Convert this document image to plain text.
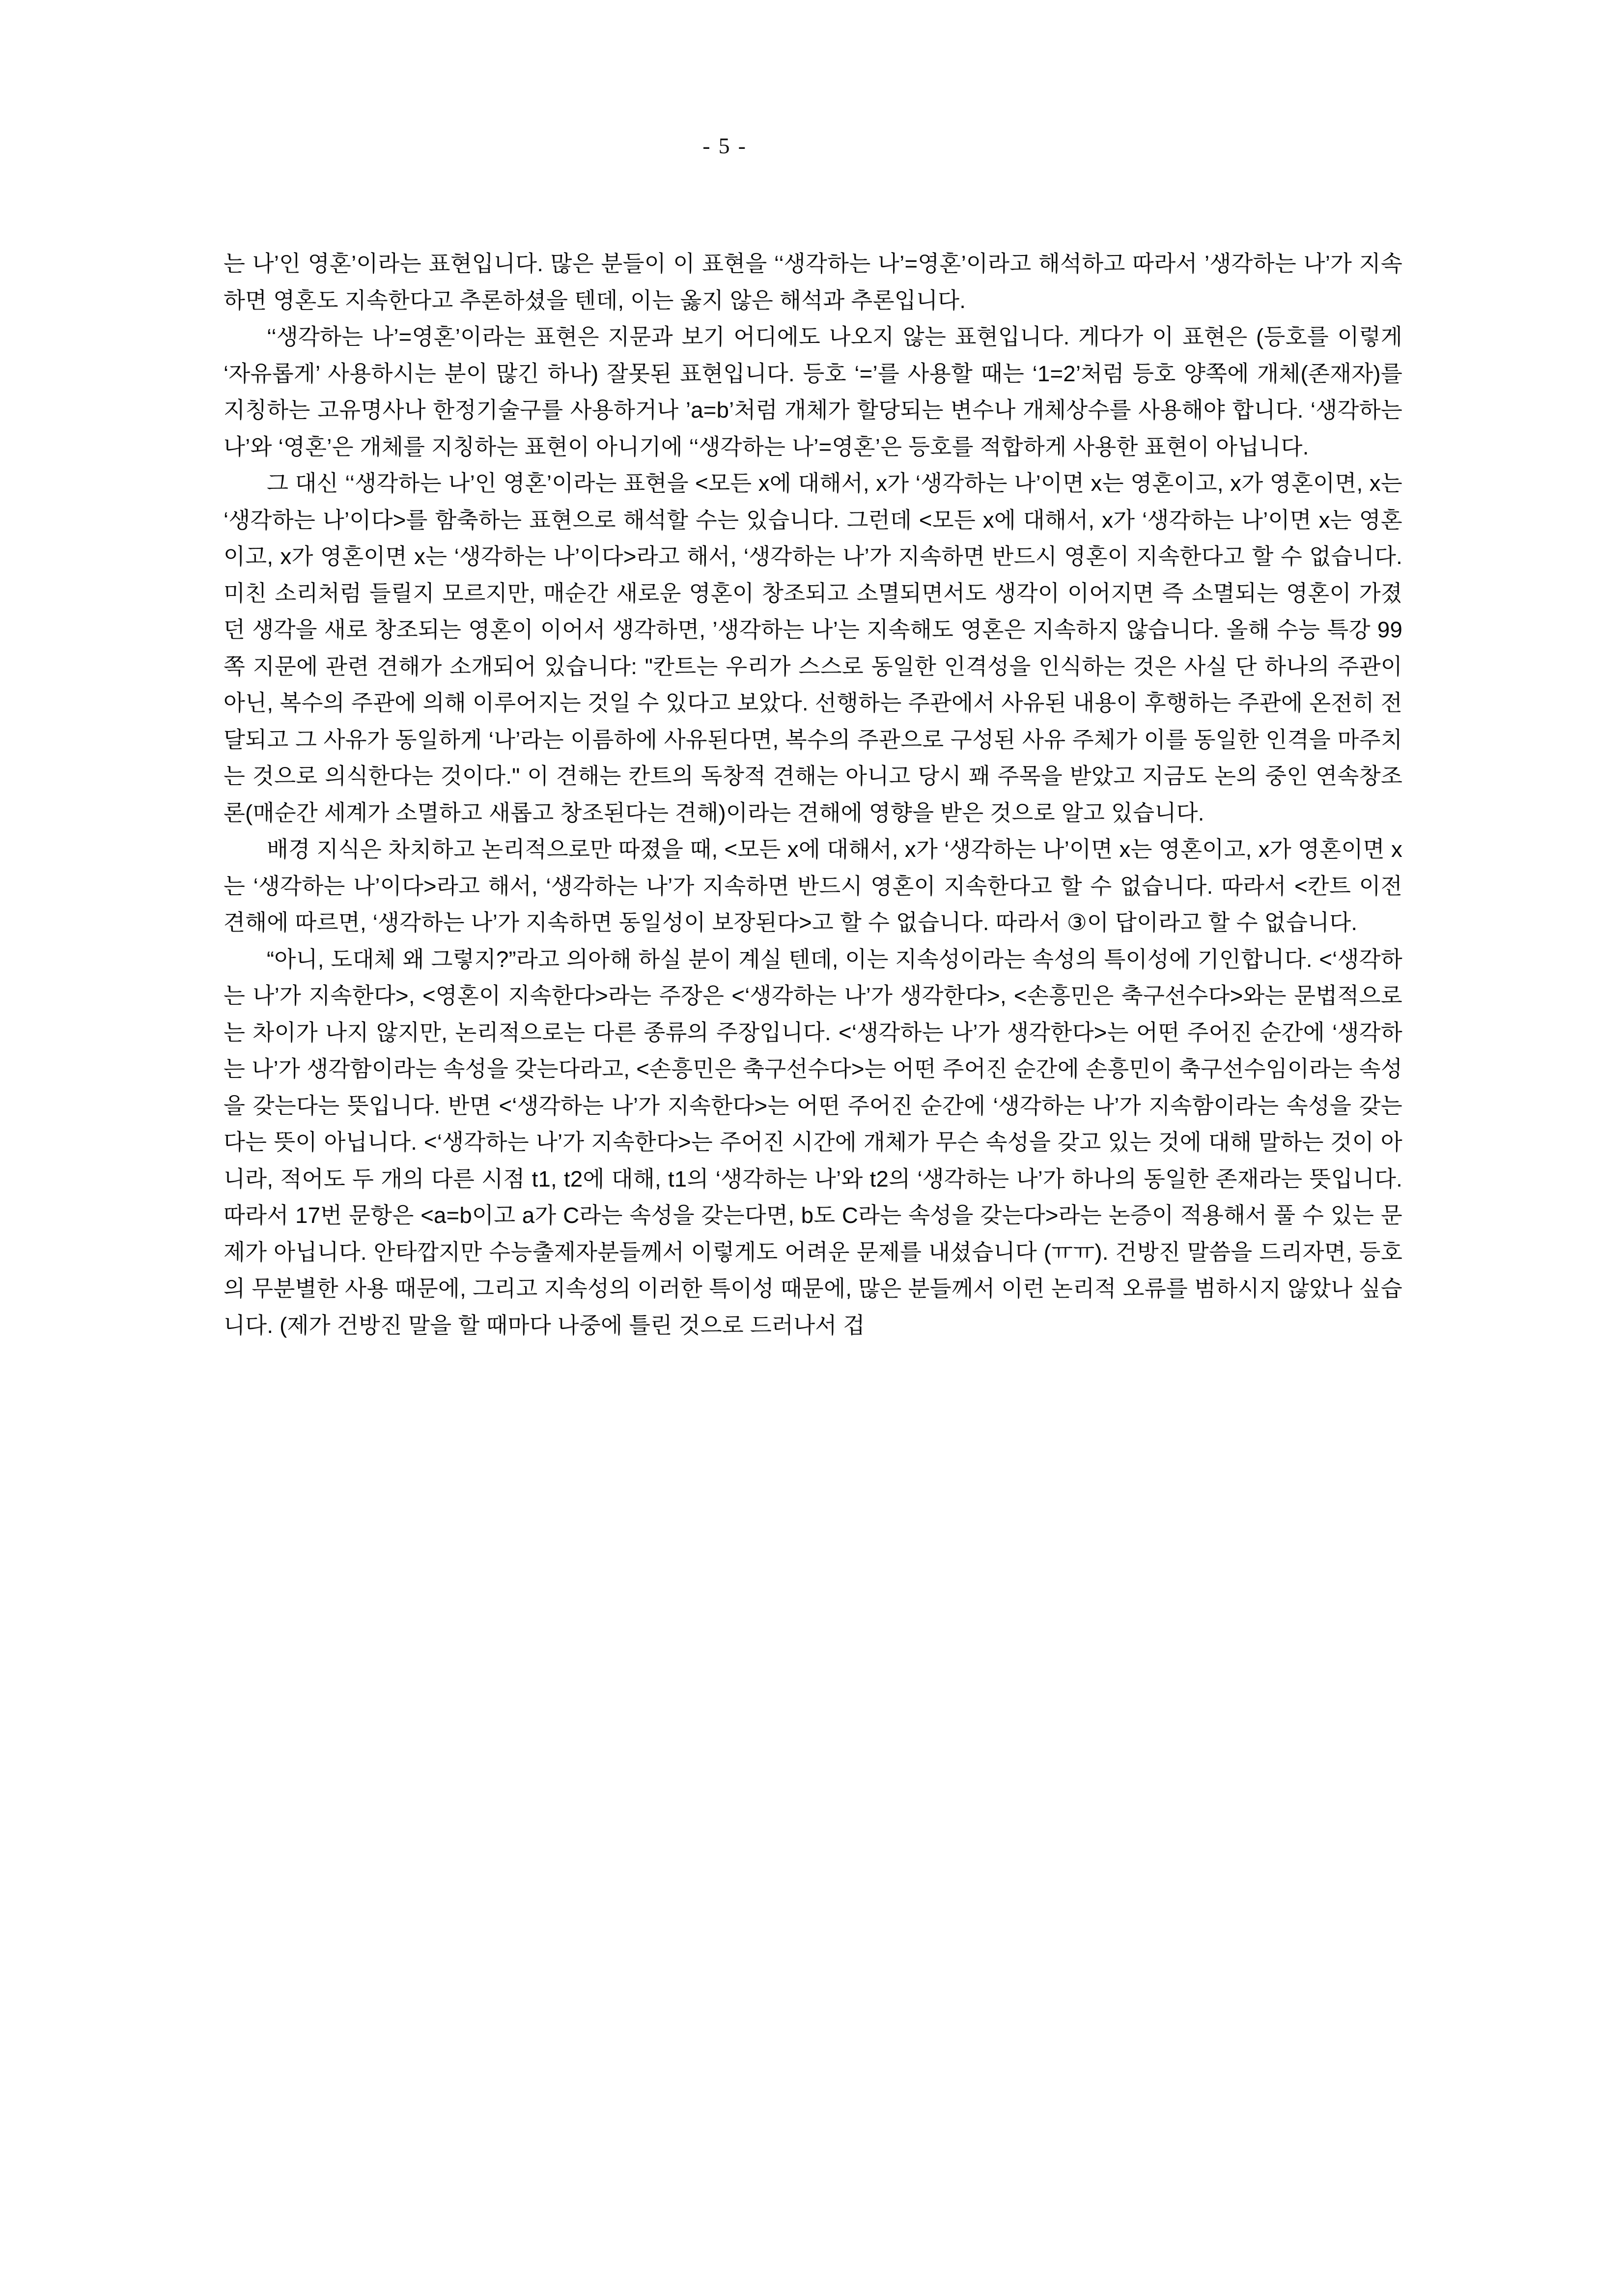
- 5 -

는 나’인 영혼’이라는 표현입니다. 많은 분들이 이 표현을 ‘‘생각하는 나’=영혼’이라고 해석하고 따라서 ’생각하는 나’가 지속하면 영혼도 지속한다고 추론하셨을 텐데, 이는 옳지 않은 해석과 추론입니다.

‘‘생각하는 나’=영혼’이라는 표현은 지문과 보기 어디에도 나오지 않는 표현입니다. 게다가 이 표현은 (등호를 이렇게 ‘자유롭게’ 사용하시는 분이 많긴 하나) 잘못된 표현입니다. 등호 ‘=’를 사용할 때는 ‘1=2’처럼 등호 양쪽에 개체(존재자)를 지칭하는 고유명사나 한정기술구를 사용하거나 ’a=b’처럼 개체가 할당되는 변수나 개체상수를 사용해야 합니다. ‘생각하는 나’와 ‘영혼’은 개체를 지칭하는 표현이 아니기에 ‘‘생각하는 나’=영혼’은 등호를 적합하게 사용한 표현이 아닙니다.

그 대신 ‘‘생각하는 나’인 영혼’이라는 표현을 <모든 x에 대해서, x가 ‘생각하는 나’이면 x는 영혼이고, x가 영혼이면, x는 ‘생각하는 나’이다>를 함축하는 표현으로 해석할 수는 있습니다. 그런데 <모든 x에 대해서, x가 ‘생각하는 나’이면 x는 영혼이고, x가 영혼이면 x는 ‘생각하는 나’이다>라고 해서, ‘생각하는 나’가 지속하면 반드시 영혼이 지속한다고 할 수 없습니다. 미친 소리처럼 들릴지 모르지만, 매순간 새로운 영혼이 창조되고 소멸되면서도 생각이 이어지면 즉 소멸되는 영혼이 가졌던 생각을 새로 창조되는 영혼이 이어서 생각하면, ’생각하는 나’는 지속해도 영혼은 지속하지 않습니다. 올해 수능 특강 99쪽 지문에 관련 견해가 소개되어 있습니다: "칸트는 우리가 스스로 동일한 인격성을 인식하는 것은 사실 단 하나의 주관이 아닌, 복수의 주관에 의해 이루어지는 것일 수 있다고 보았다. 선행하는 주관에서 사유된 내용이 후행하는 주관에 온전히 전달되고 그 사유가 동일하게 ‘나’라는 이름하에 사유된다면, 복수의 주관으로 구성된 사유 주체가 이를 동일한 인격을 마주치는 것으로 의식한다는 것이다." 이 견해는 칸트의 독창적 견해는 아니고 당시 꽤 주목을 받았고 지금도 논의 중인 연속창조론(매순간 세계가 소멸하고 새롭고 창조된다는 견해)이라는 견해에 영향을 받은 것으로 알고 있습니다.

배경 지식은 차치하고 논리적으로만 따졌을 때, <모든 x에 대해서, x가 ‘생각하는 나’이면 x는 영혼이고, x가 영혼이면 x는 ‘생각하는 나’이다>라고 해서, ‘생각하는 나’가 지속하면 반드시 영혼이 지속한다고 할 수 없습니다. 따라서 <칸트 이전 견해에 따르면, ‘생각하는 나’가 지속하면 동일성이 보장된다>고 할 수 없습니다. 따라서 ③이 답이라고 할 수 없습니다.

“아니, 도대체 왜 그렇지?”라고 의아해 하실 분이 계실 텐데, 이는 지속성이라는 속성의 특이성에 기인합니다. <‘생각하는 나’가 지속한다>, <영혼이 지속한다>라는 주장은 <‘생각하는 나’가 생각한다>, <손흥민은 축구선수다>와는 문법적으로는 차이가 나지 않지만, 논리적으로는 다른 종류의 주장입니다. <‘생각하는 나’가 생각한다>는 어떤 주어진 순간에 ‘생각하는 나’가 생각함이라는 속성을 갖는다라고, <손흥민은 축구선수다>는 어떤 주어진 순간에 손흥민이 축구선수임이라는 속성을 갖는다는 뜻입니다. 반면 <‘생각하는 나’가 지속한다>는 어떤 주어진 순간에 ‘생각하는 나’가 지속함이라는 속성을 갖는다는 뜻이 아닙니다. <‘생각하는 나’가 지속한다>는 주어진 시간에 개체가 무슨 속성을 갖고 있는 것에 대해 말하는 것이 아니라, 적어도 두 개의 다른 시점 t1, t2에 대해, t1의 ‘생각하는 나’와 t2의 ‘생각하는 나’가 하나의 동일한 존재라는 뜻입니다. 따라서 17번 문항은 <a=b이고 a가 C라는 속성을 갖는다면, b도 C라는 속성을 갖는다>라는 논증이 적용해서 풀 수 있는 문제가 아닙니다. 안타깝지만 수능출제자분들께서 이렇게도 어려운 문제를 내셨습니다 (ㅠㅠ). 건방진 말씀을 드리자면, 등호의 무분별한 사용 때문에, 그리고 지속성의 이러한 특이성 때문에, 많은 분들께서 이런 논리적 오류를 범하시지 않았나 싶습니다. (제가 건방진 말을 할 때마다 나중에 틀린 것으로 드러나서 겁
